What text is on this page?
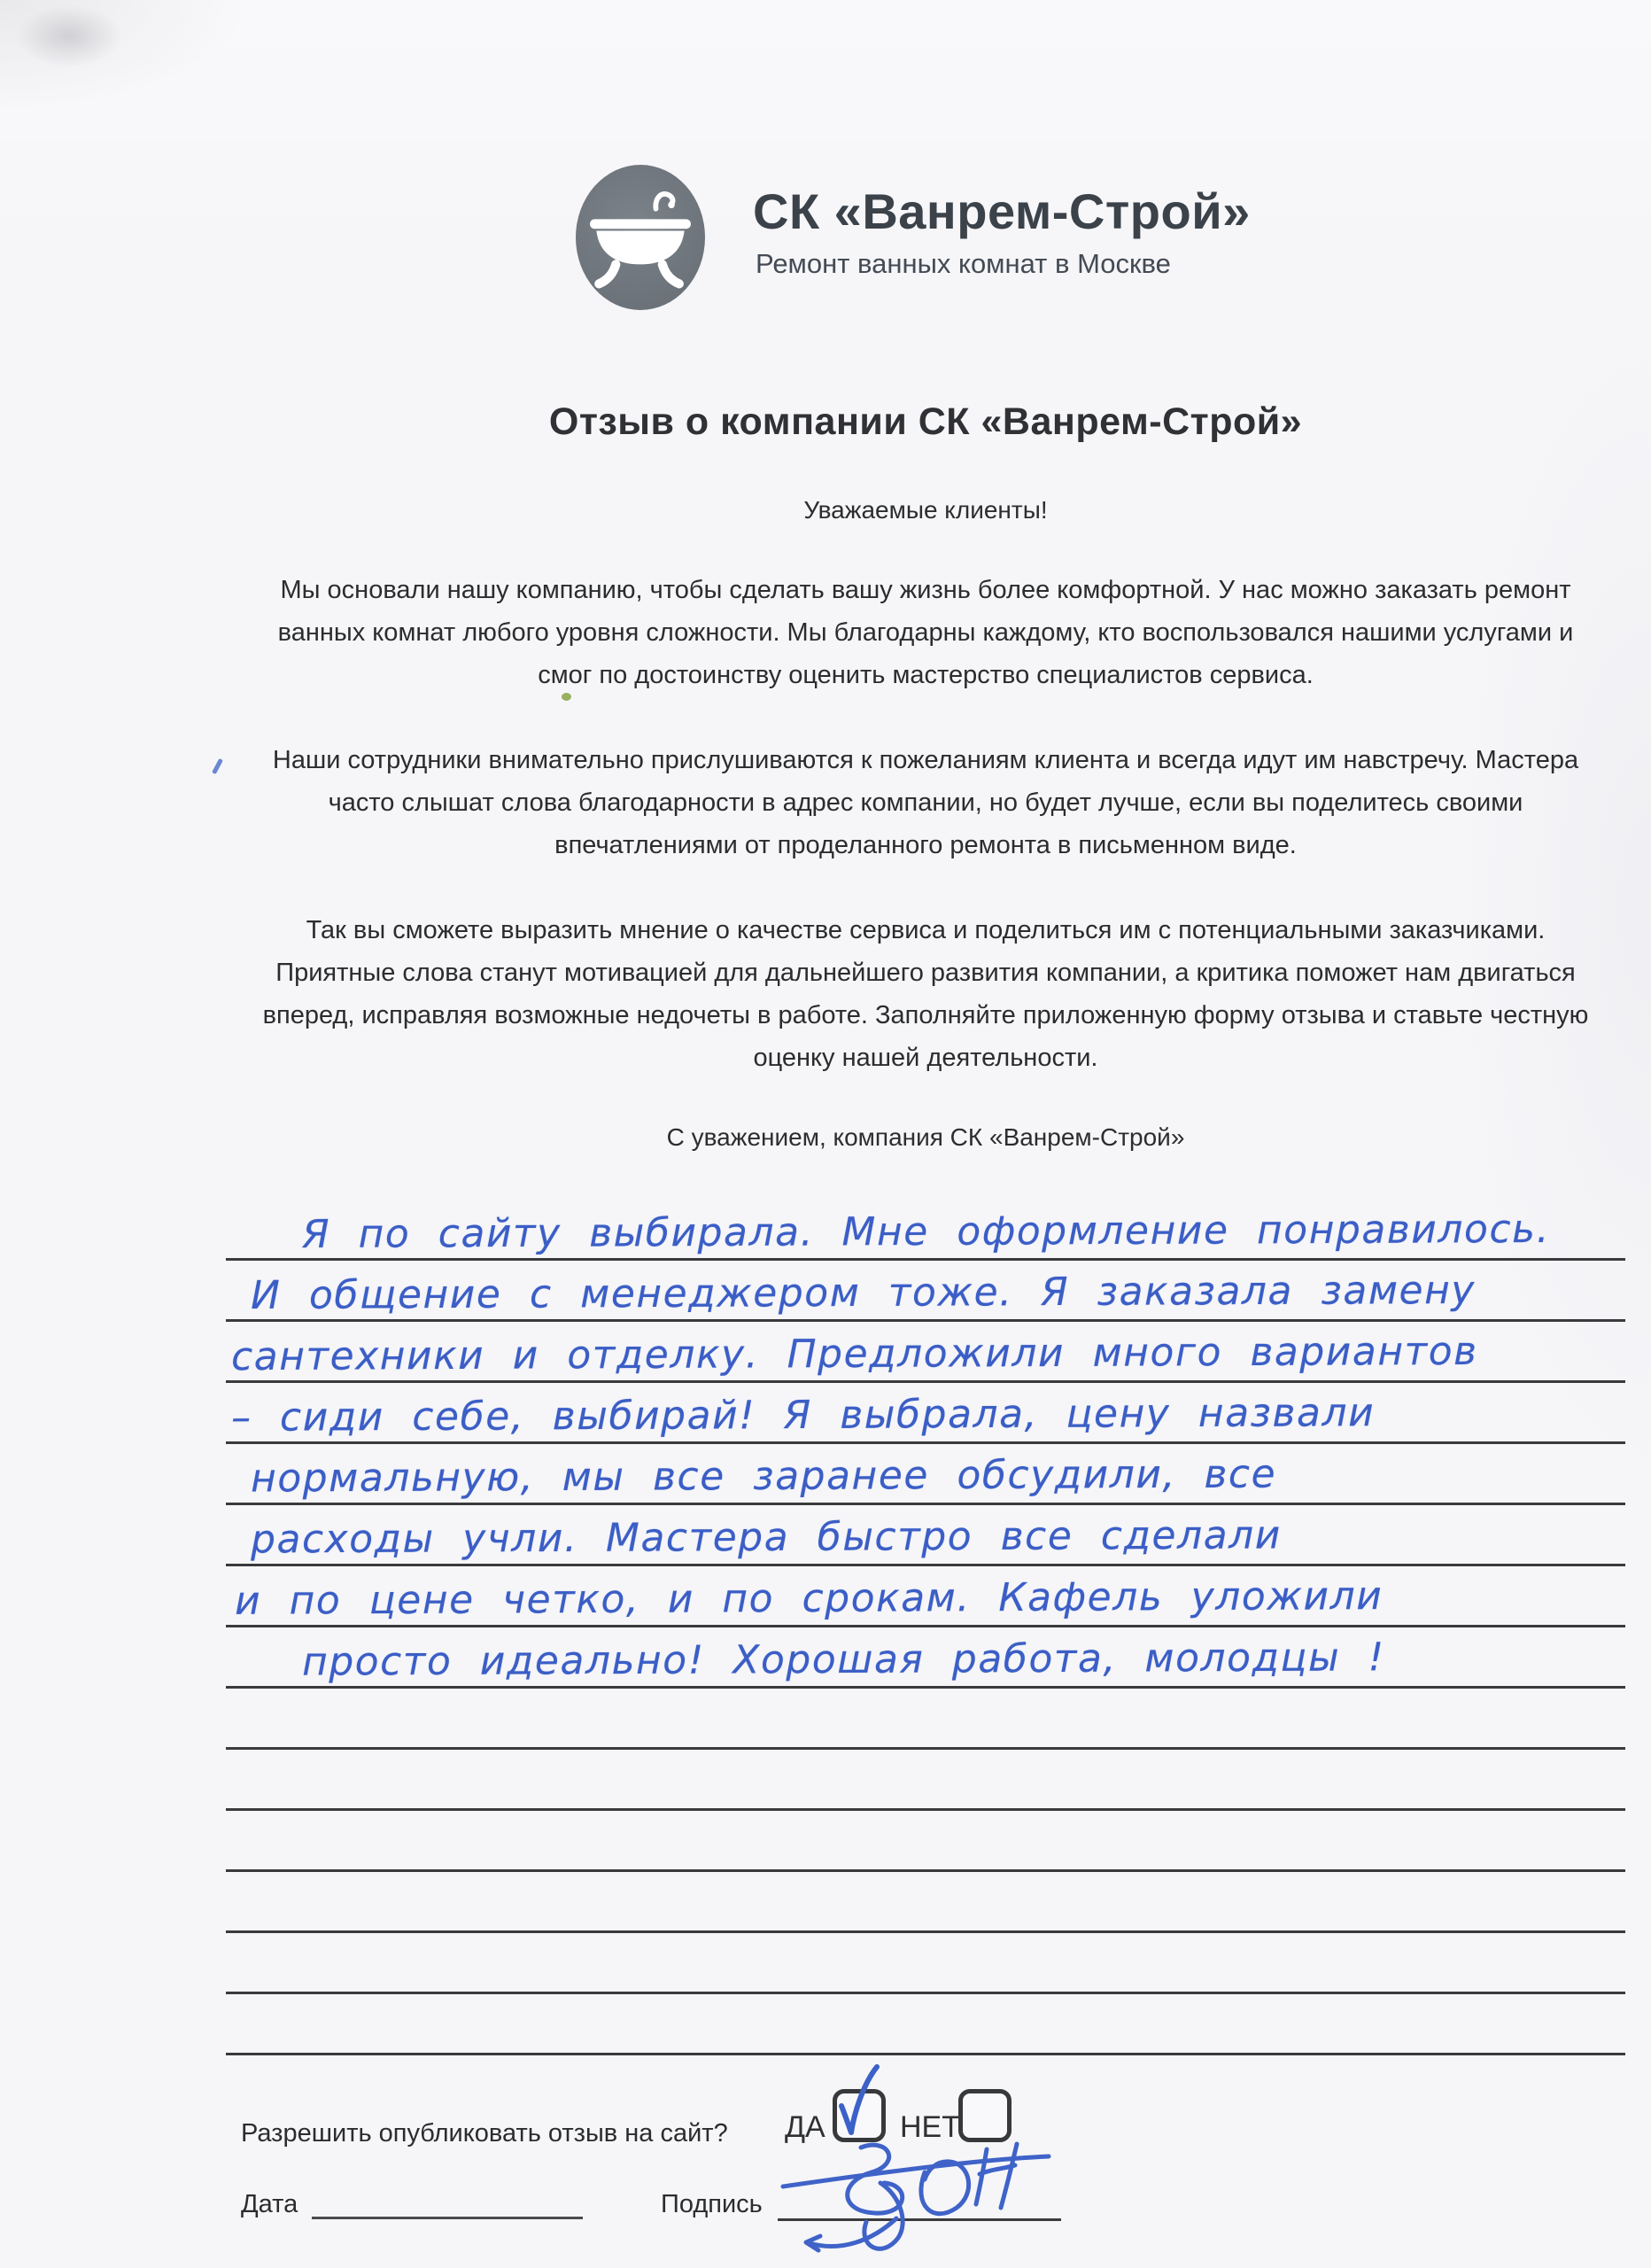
СК «Ванрем-Строй»
Ремонт ванных комнат в Москве
Отзыв о компании СК «Ванрем-Строй»
Уважаемые клиенты!
Мы основали нашу компанию, чтобы сделать вашу жизнь более комфортной. У нас можно заказать ремонт ванных комнат любого уровня сложности. Мы благодарны каждому, кто воспользовался нашими услугами и смог по достоинству оценить мастерство специалистов сервиса.
Наши сотрудники внимательно прислушиваются к пожеланиям клиента и всегда идут им навстречу. Мастера часто слышат слова благодарности в адрес компании, но будет лучше, если вы поделитесь своими впечатлениями от проделанного ремонта в письменном виде.
Так вы сможете выразить мнение о качестве сервиса и поделиться им с потенциальными заказчиками. Приятные слова станут мотивацией для дальнейшего развития компании, а критика поможет нам двигаться вперед, исправляя возможные недочеты в работе. Заполняйте приложенную форму отзыва и ставьте честную оценку нашей деятельности.
С уважением, компания СК «Ванрем-Строй»
Я по сайту выбирала. Мне оформление понравилось.
И общение с менеджером тоже. Я заказала замену
сантехники и отделку. Предложили много вариантов
– сиди себе, выбирай! Я выбрала, цену назвали
нормальную, мы все заранее обсудили, все
расходы учли. Мастера быстро все сделали
и по цене четко, и по срокам. Кафель уложили
просто идеально! Хорошая работа, молодцы !
Разрешить опубликовать отзыв на сайт? ДА НЕТ
Дата	Подпись
